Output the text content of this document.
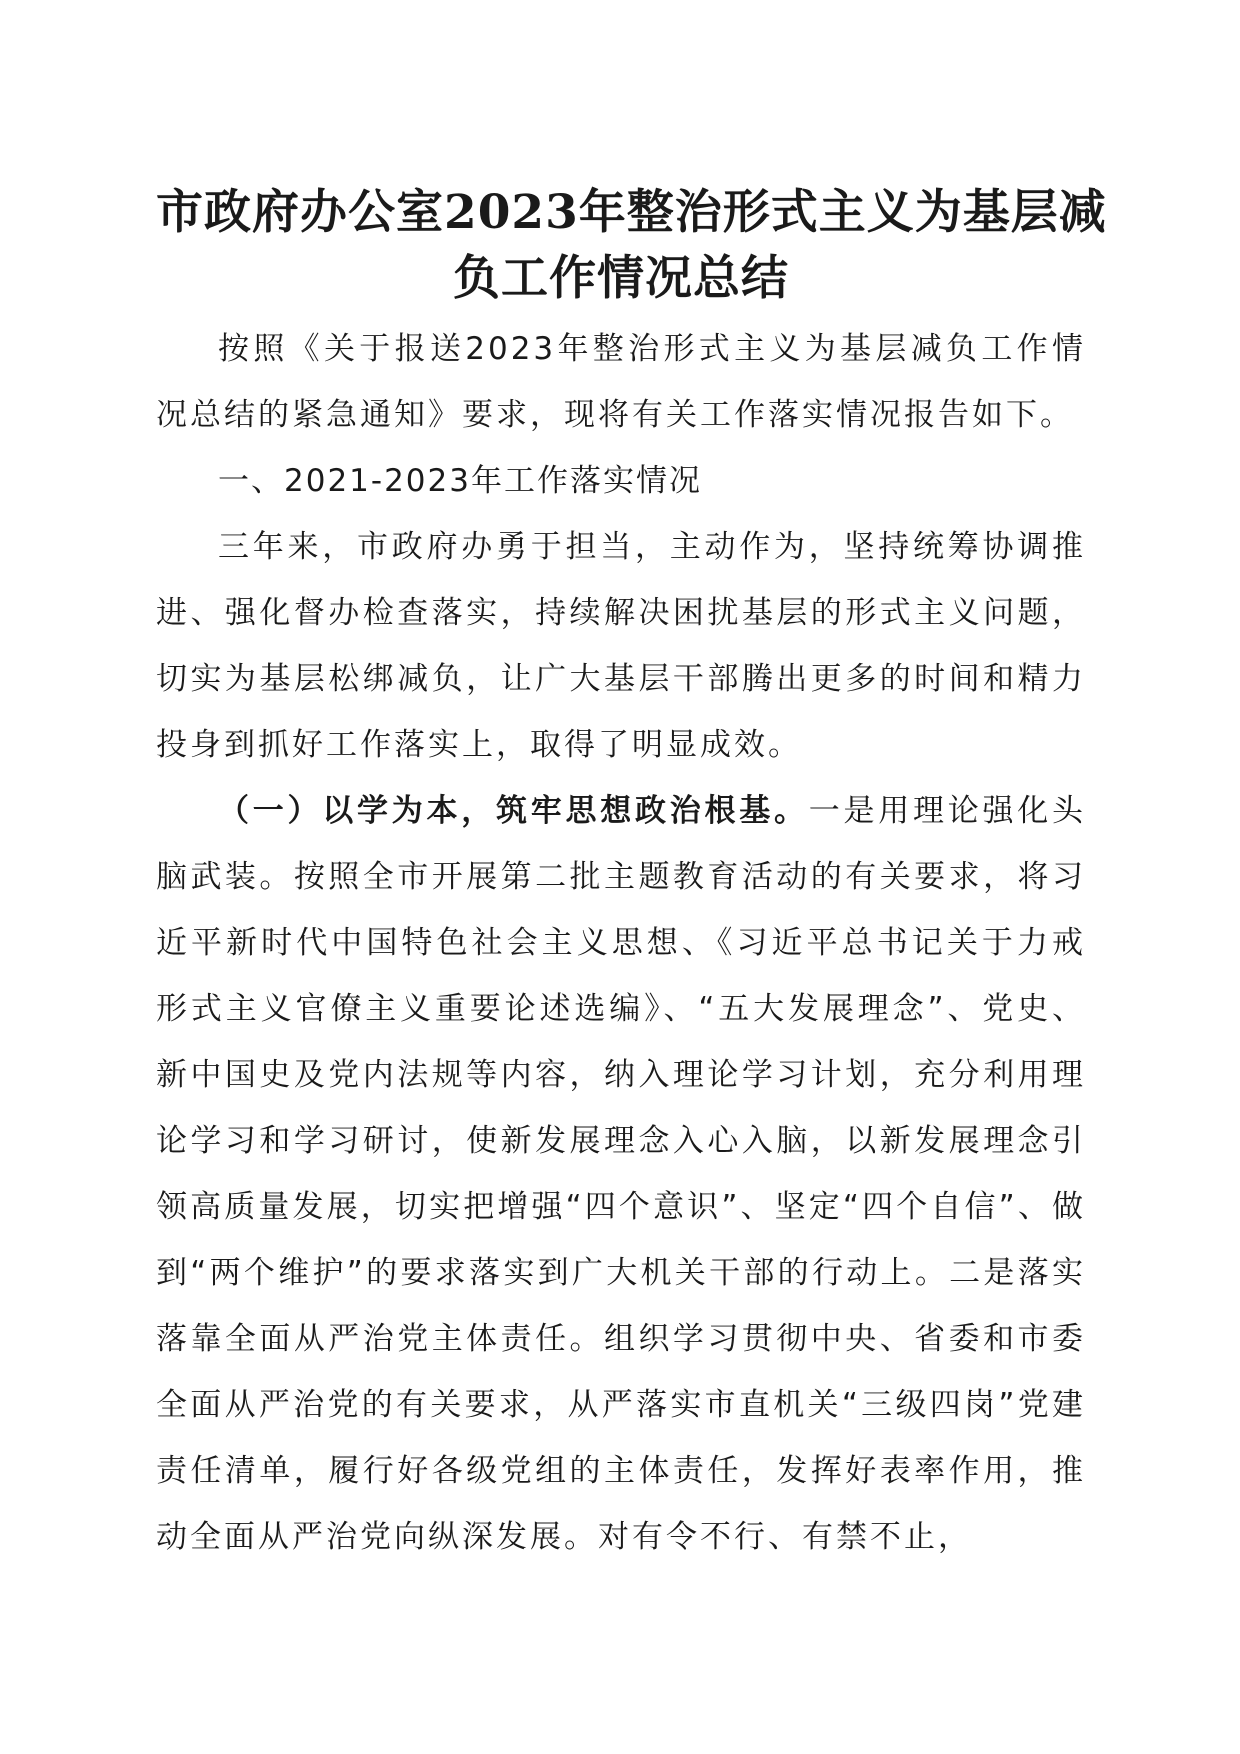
市政府办公室2023年整治形式主义为基层减
负工作情况总结

按照《关于报送2023年整治形式主义为基层减负工作情况总结的紧急通知》要求，现将有关工作落实情况报告如下。

一、2021-2023年工作落实情况

三年来，市政府办勇于担当，主动作为，坚持统筹协调推进、强化督办检查落实，持续解决困扰基层的形式主义问题，切实为基层松绑减负，让广大基层干部腾出更多的时间和精力投身到抓好工作落实上，取得了明显成效。

（一）以学为本，筑牢思想政治根基。一是用理论强化头脑武装。按照全市开展第二批主题教育活动的有关要求，将习近平新时代中国特色社会主义思想、《习近平总书记关于力戒形式主义官僚主义重要论述选编》、“五大发展理念”、党史、新中国史及党内法规等内容，纳入理论学习计划，充分利用理论学习和学习研讨，使新发展理念入心入脑，以新发展理念引领高质量发展，切实把增强“四个意识”、坚定“四个自信”、做到“两个维护”的要求落实到广大机关干部的行动上。二是落实落靠全面从严治党主体责任。组织学习贯彻中央、省委和市委全面从严治党的有关要求，从严落实市直机关“三级四岗”党建责任清单，履行好各级党组的主体责任，发挥好表率作用，推动全面从严治党向纵深发展。对有令不行、有禁不止，
